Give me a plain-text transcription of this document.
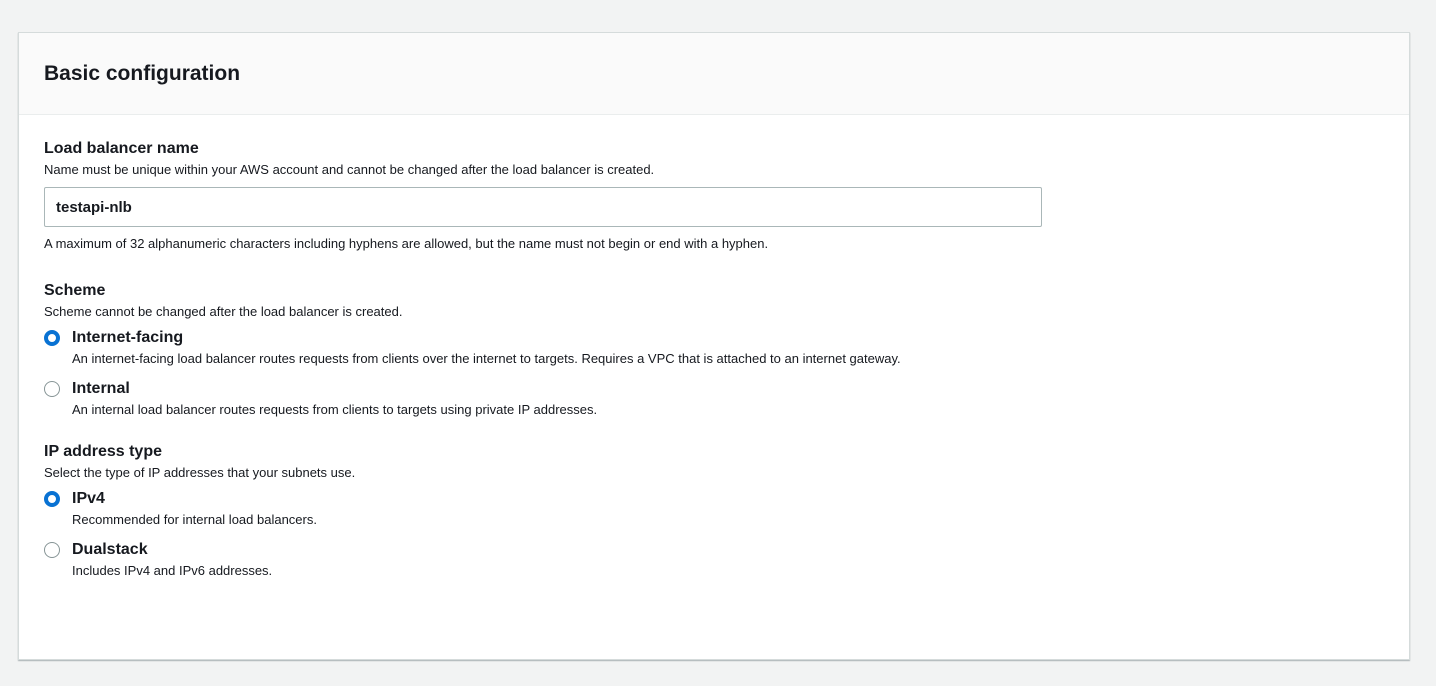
Basic configuration
Load balancer name
Name must be unique within your AWS account and cannot be changed after the load balancer is created.
testapi-nlb
A maximum of 32 alphanumeric characters including hyphens are allowed, but the name must not begin or end with a hyphen.
Scheme
Scheme cannot be changed after the load balancer is created.
Internet-facing
An internet-facing load balancer routes requests from clients over the internet to targets. Requires a VPC that is attached to an internet gateway.
Internal
An internal load balancer routes requests from clients to targets using private IP addresses.
IP address type
Select the type of IP addresses that your subnets use.
IPv4
Recommended for internal load balancers.
Dualstack
Includes IPv4 and IPv6 addresses.
